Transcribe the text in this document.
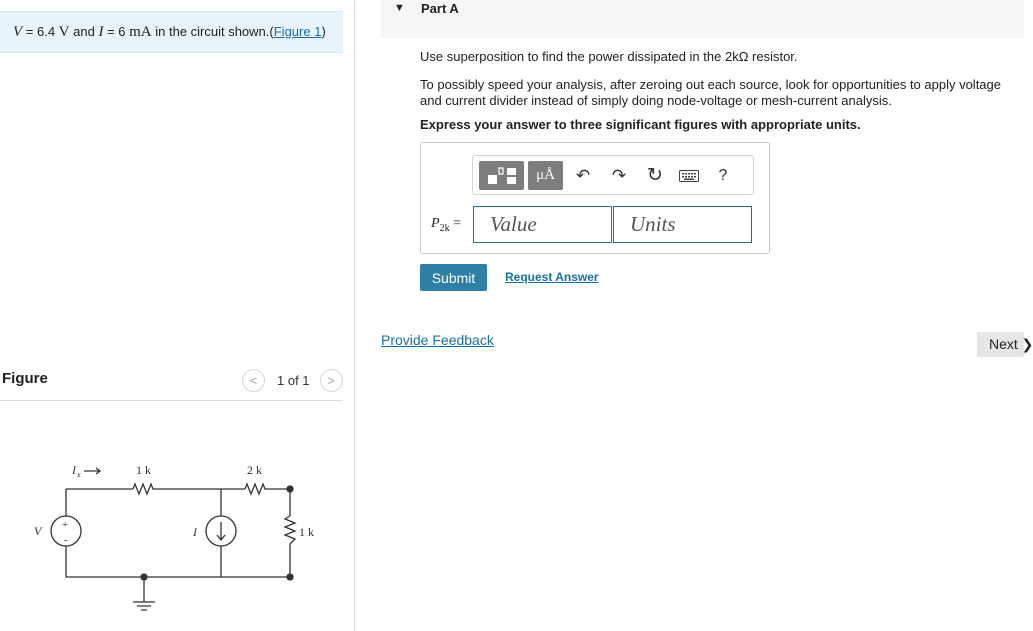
V = 6.4 V and I = 6 mA in the circuit shown.(Figure 1)
Figure	< 1 of 1 >
I x	1 k	2 k
1 k
V	I
+
-
▼ Part A
Use superposition to find the power dissipated in the 2kΩ resistor.
To possibly speed your analysis, after zeroing out each source, look for opportunities to apply voltage and current divider instead of simply doing node-voltage or mesh-current analysis.
Express your answer to three significant figures with appropriate units.
μÅ	↶ ↷ ↻	?
$P_{2k}$ =	Value	Units
Submit	Request Answer
Provide Feedback	Next ❯
